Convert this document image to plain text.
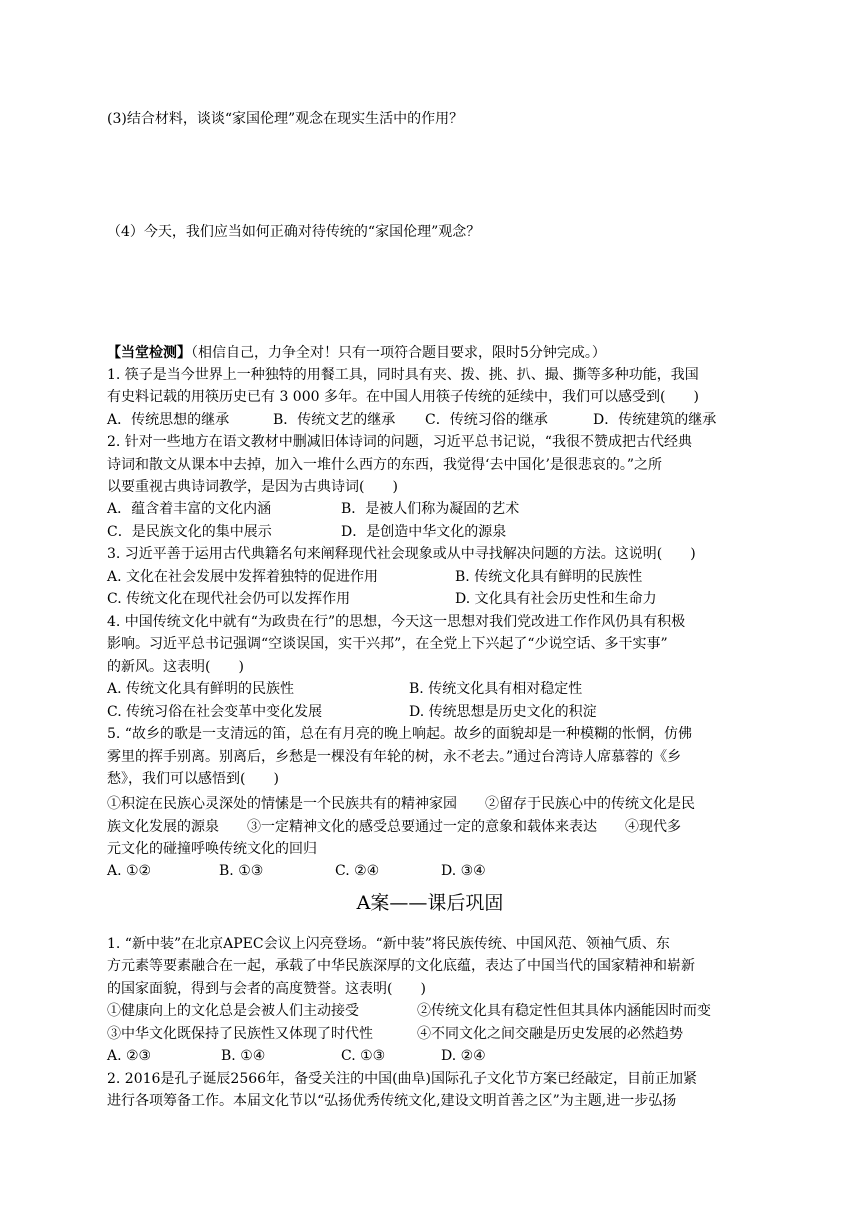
(3)结合材料，谈谈“家国伦理”观念在现实生活中的作用？
（4）今天，我们应当如何正确对待传统的“家国伦理”观念？
【当堂检测】（相信自己，力争全对！只有一项符合题目要求，限时5分钟完成。）
1. 筷子是当今世界上一种独特的用餐工具，同时具有夹、拨、挑、扒、撮、撕等多种功能，我国
有史料记载的用筷历史已有 3 000 多年。在中国人用筷子传统的延续中，我们可以感受到(　　)
A．传统思想的继承	B．传统文艺的继承 C．传统习俗的继承	D．传统建筑的继承
2. 针对一些地方在语文教材中删减旧体诗词的问题，习近平总书记说，“我很不赞成把古代经典
诗词和散文从课本中去掉，加入一堆什么西方的东西，我觉得‘去中国化’是很悲哀的。”之所
以要重视古典诗词教学，是因为古典诗词(　　)
A．蕴含着丰富的文化内涵	B．是被人们称为凝固的艺术
C．是民族文化的集中展示	D．是创造中华文化的源泉
3. 习近平善于运用古代典籍名句来阐释现代社会现象或从中寻找解决问题的方法。这说明(　　)
A. 文化在社会发展中发挥着独特的促进作用	B. 传统文化具有鲜明的民族性
C. 传统文化在现代社会仍可以发挥作用	D. 文化具有社会历史性和生命力
4. 中国传统文化中就有“为政贵在行”的思想，今天这一思想对我们党改进工作作风仍具有积极
影响。习近平总书记强调“空谈误国，实干兴邦”，在全党上下兴起了“少说空话、多干实事”
的新风。这表明(　　)
A. 传统文化具有鲜明的民族性	B. 传统文化具有相对稳定性
C. 传统习俗在社会变革中变化发展	D. 传统思想是历史文化的积淀
5. “故乡的歌是一支清远的笛，总在有月亮的晚上响起。故乡的面貌却是一种模糊的怅惘，仿佛
雾里的挥手别离。别离后，乡愁是一棵没有年轮的树，永不老去。”通过台湾诗人席慕蓉的《乡
愁》，我们可以感悟到(　　)
①积淀在民族心灵深处的情愫是一个民族共有的精神家园　　②留存于民族心中的传统文化是民
族文化发展的源泉　　③一定精神文化的感受总要通过一定的意象和载体来表达　　④现代多
元文化的碰撞呼唤传统文化的回归
A. ①②	B. ①③	C. ②④	D. ③④
A案——课后巩固
1. “新中装”在北京APEC会议上闪亮登场。“新中装”将民族传统、中国风范、领袖气质、东
方元素等要素融合在一起，承载了中华民族深厚的文化底蕴，表达了中国当代的国家精神和崭新
的国家面貌，得到与会者的高度赞誉。这表明(　　)
①健康向上的文化总是会被人们主动接受	②传统文化具有稳定性但其具体内涵能因时而变
③中华文化既保持了民族性又体现了时代性	④不同文化之间交融是历史发展的必然趋势
A. ②③	B. ①④	C. ①③	D. ②④
2. 2016是孔子诞辰2566年，备受关注的中国(曲阜)国际孔子文化节方案已经敲定，目前正加紧
进行各项筹备工作。本届文化节以“弘扬优秀传统文化,建设文明首善之区”为主题,进一步弘扬
